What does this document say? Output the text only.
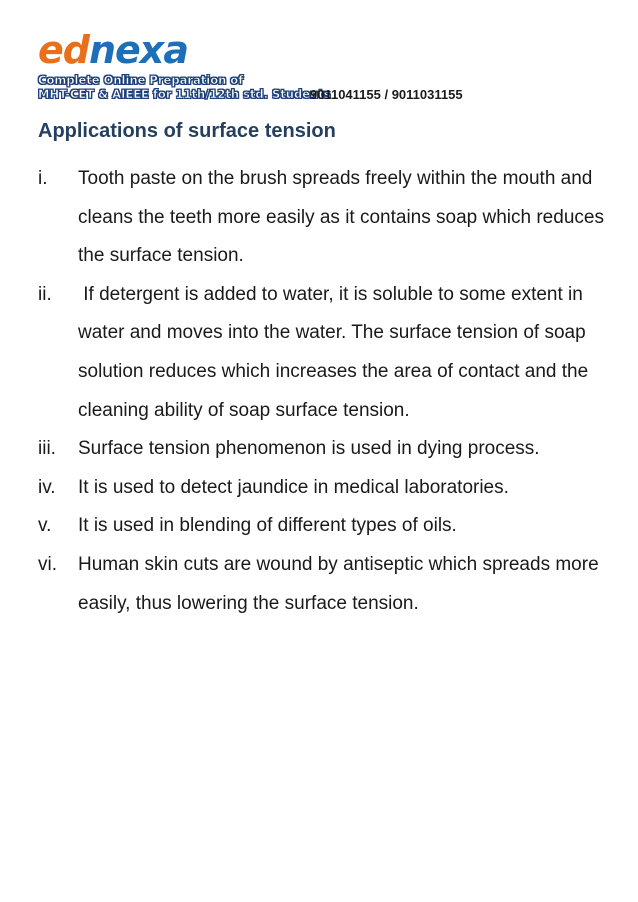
ednexa
Complete Online Preparation of
MHT-CET & AIEEE for 11th/12th std. Students
9011041155 / 9011031155
Applications of surface tension
i. Tooth paste on the brush spreads freely within the mouth and cleans the teeth more easily as it contains soap which reduces the surface tension.
ii. If detergent is added to water, it is soluble to some extent in water and moves into the water. The surface tension of soap solution reduces which increases the area of contact and the cleaning ability of soap surface tension.
iii. Surface tension phenomenon is used in dying process.
iv. It is used to detect jaundice in medical laboratories.
v. It is used in blending of different types of oils.
vi. Human skin cuts are wound by antiseptic which spreads more easily, thus lowering the surface tension.
